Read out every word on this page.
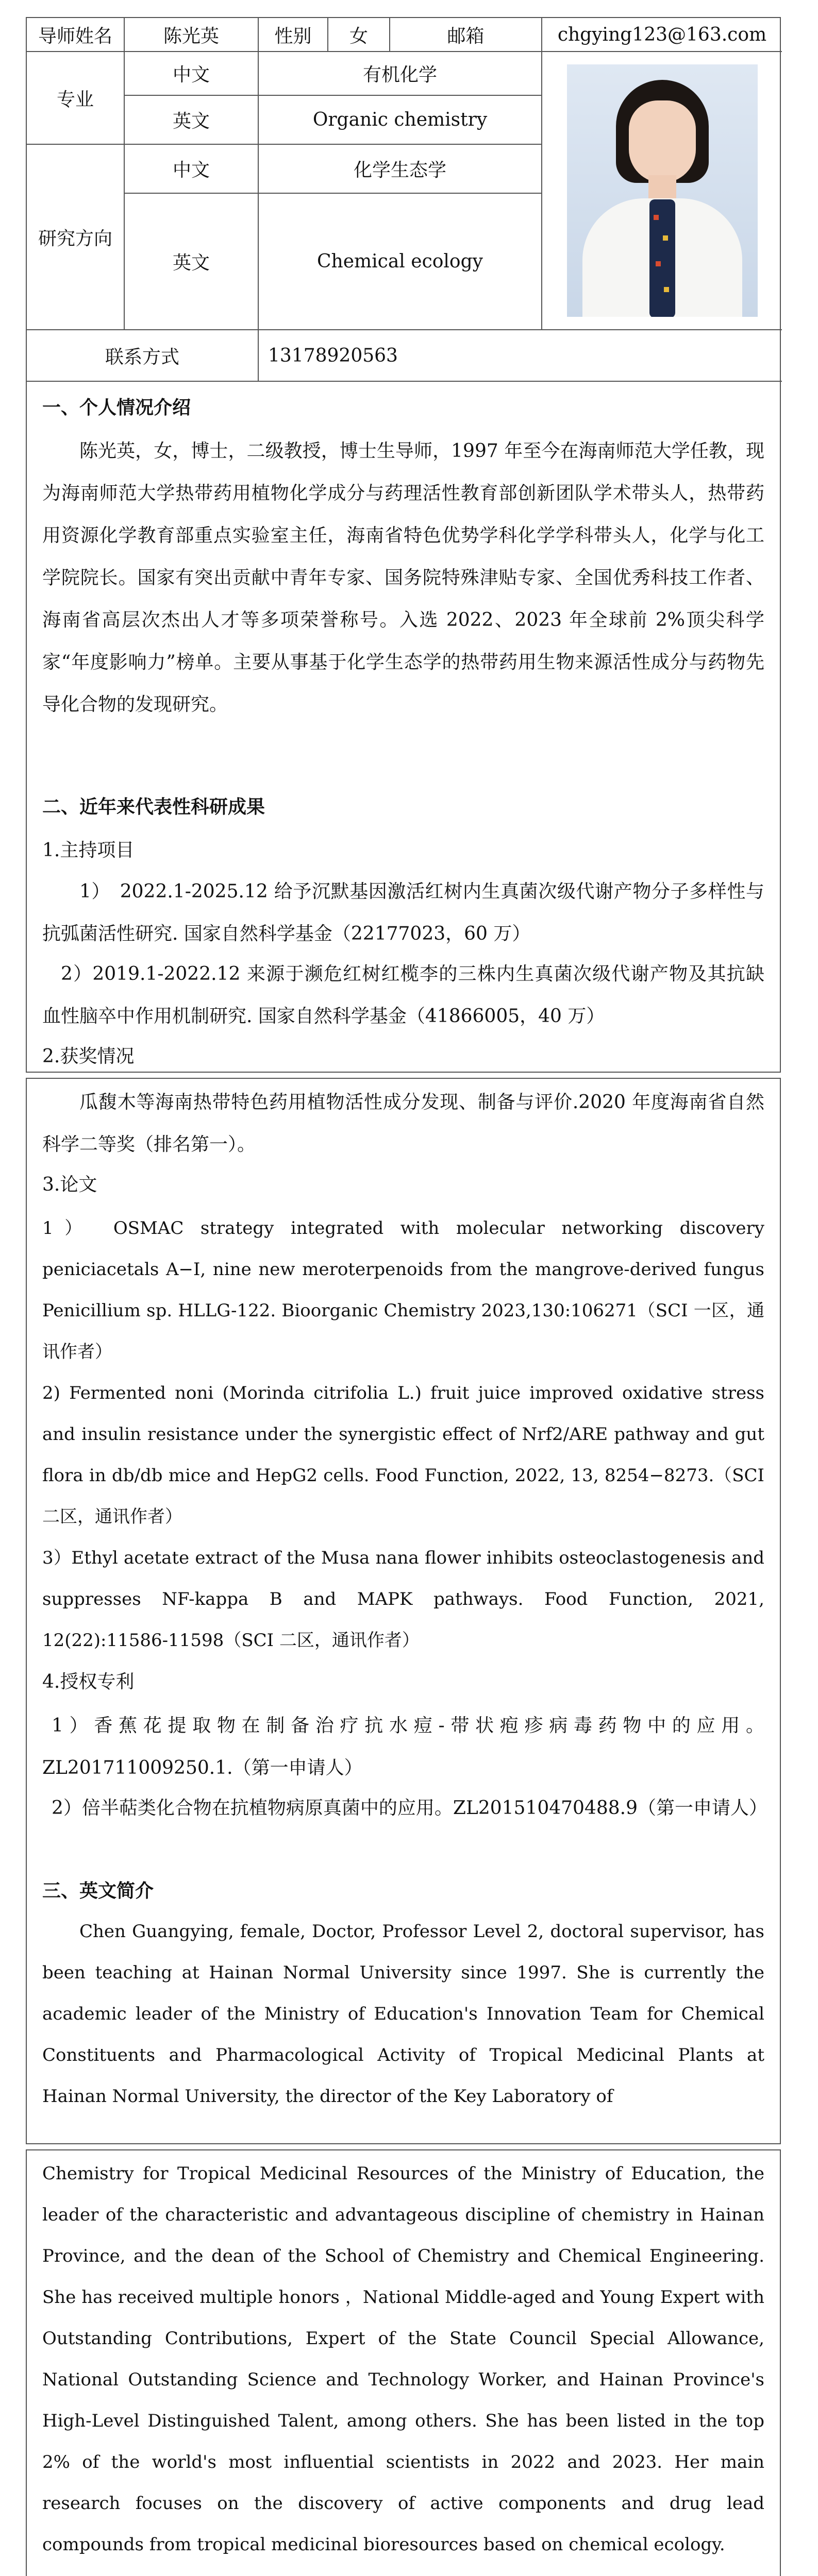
导师姓名	陈光英	性别	女	邮箱	chgying123@163.com
专业
中文	有机化学
英文	Organic chemistry
研究方向
中文	化学生态学
英文	Chemical ecology
联系方式	13178920563
一、个人情况介绍
陈光英，女，博士，二级教授，博士生导师，1997 年至今在海南师范大学任教，现为海南师范大学热带药用植物化学成分与药理活性教育部创新团队学术带头人，热带药用资源化学教育部重点实验室主任，海南省特色优势学科化学学科带头人，化学与化工学院院长。国家有突出贡献中青年专家、国务院特殊津贴专家、全国优秀科技工作者、海南省高层次杰出人才等多项荣誉称号。入选 2022、2023 年全球前 2%顶尖科学家“年度影响力”榜单。主要从事基于化学生态学的热带药用生物来源活性成分与药物先导化合物的发现研究。
二、近年来代表性科研成果
1.主持项目
1）　2022.1-2025.12 给予沉默基因激活红树内生真菌次级代谢产物分子多样性与抗弧菌活性研究. 国家自然科学基金（22177023，60 万）
2）2019.1-2022.12 来源于濒危红树红榄李的三株内生真菌次级代谢产物及其抗缺血性脑卒中作用机制研究. 国家自然科学基金（41866005，40 万）
2.获奖情况
瓜馥木等海南热带特色药用植物活性成分发现、制备与评价.2020 年度海南省自然科学二等奖（排名第一）。
3.论文
1）　OSMAC strategy integrated with molecular networking discovery peniciacetals A−I, nine new meroterpenoids from the mangrove-derived fungus Penicillium sp. HLLG-122. Bioorganic Chemistry 2023,130:106271（SCI 一区，通讯作者）
2) Fermented noni (Morinda citrifolia L.) fruit juice improved oxidative stress and insulin resistance under the synergistic effect of Nrf2/ARE pathway and gut flora in db/db mice and HepG2 cells. Food Function, 2022, 13, 8254−8273.（SCI 二区，通讯作者）
3）Ethyl acetate extract of the Musa nana flower inhibits osteoclastogenesis and suppresses NF-kappa B and MAPK pathways. Food Function, 2021, 12(22):11586-11598（SCI 二区，通讯作者）
4.授权专利
1）香蕉花提取物在制备治疗抗水痘-带状疱疹病毒药物中的应用。ZL201711009250.1.（第一申请人）
2）倍半萜类化合物在抗植物病原真菌中的应用。ZL201510470488.9（第一申请人）
三、英文简介
Chen Guangying, female, Doctor, Professor Level 2, doctoral supervisor, has been teaching at Hainan Normal University since 1997. She is currently the academic leader of the Ministry of Education's Innovation Team for Chemical Constituents and Pharmacological Activity of Tropical Medicinal Plants at Hainan Normal University, the director of the Key Laboratory of
Chemistry for Tropical Medicinal Resources of the Ministry of Education, the leader of the characteristic and advantageous discipline of chemistry in Hainan Province, and the dean of the School of Chemistry and Chemical Engineering. She has received multiple honors ，National Middle-aged and Young Expert with Outstanding Contributions, Expert of the State Council Special Allowance, National Outstanding Science and Technology Worker, and Hainan Province's High-Level Distinguished Talent, among others. She has been listed in the top 2% of the world's most influential scientists in 2022 and 2023. Her main research focuses on the discovery of active components and drug lead compounds from tropical medicinal bioresources based on chemical ecology.
